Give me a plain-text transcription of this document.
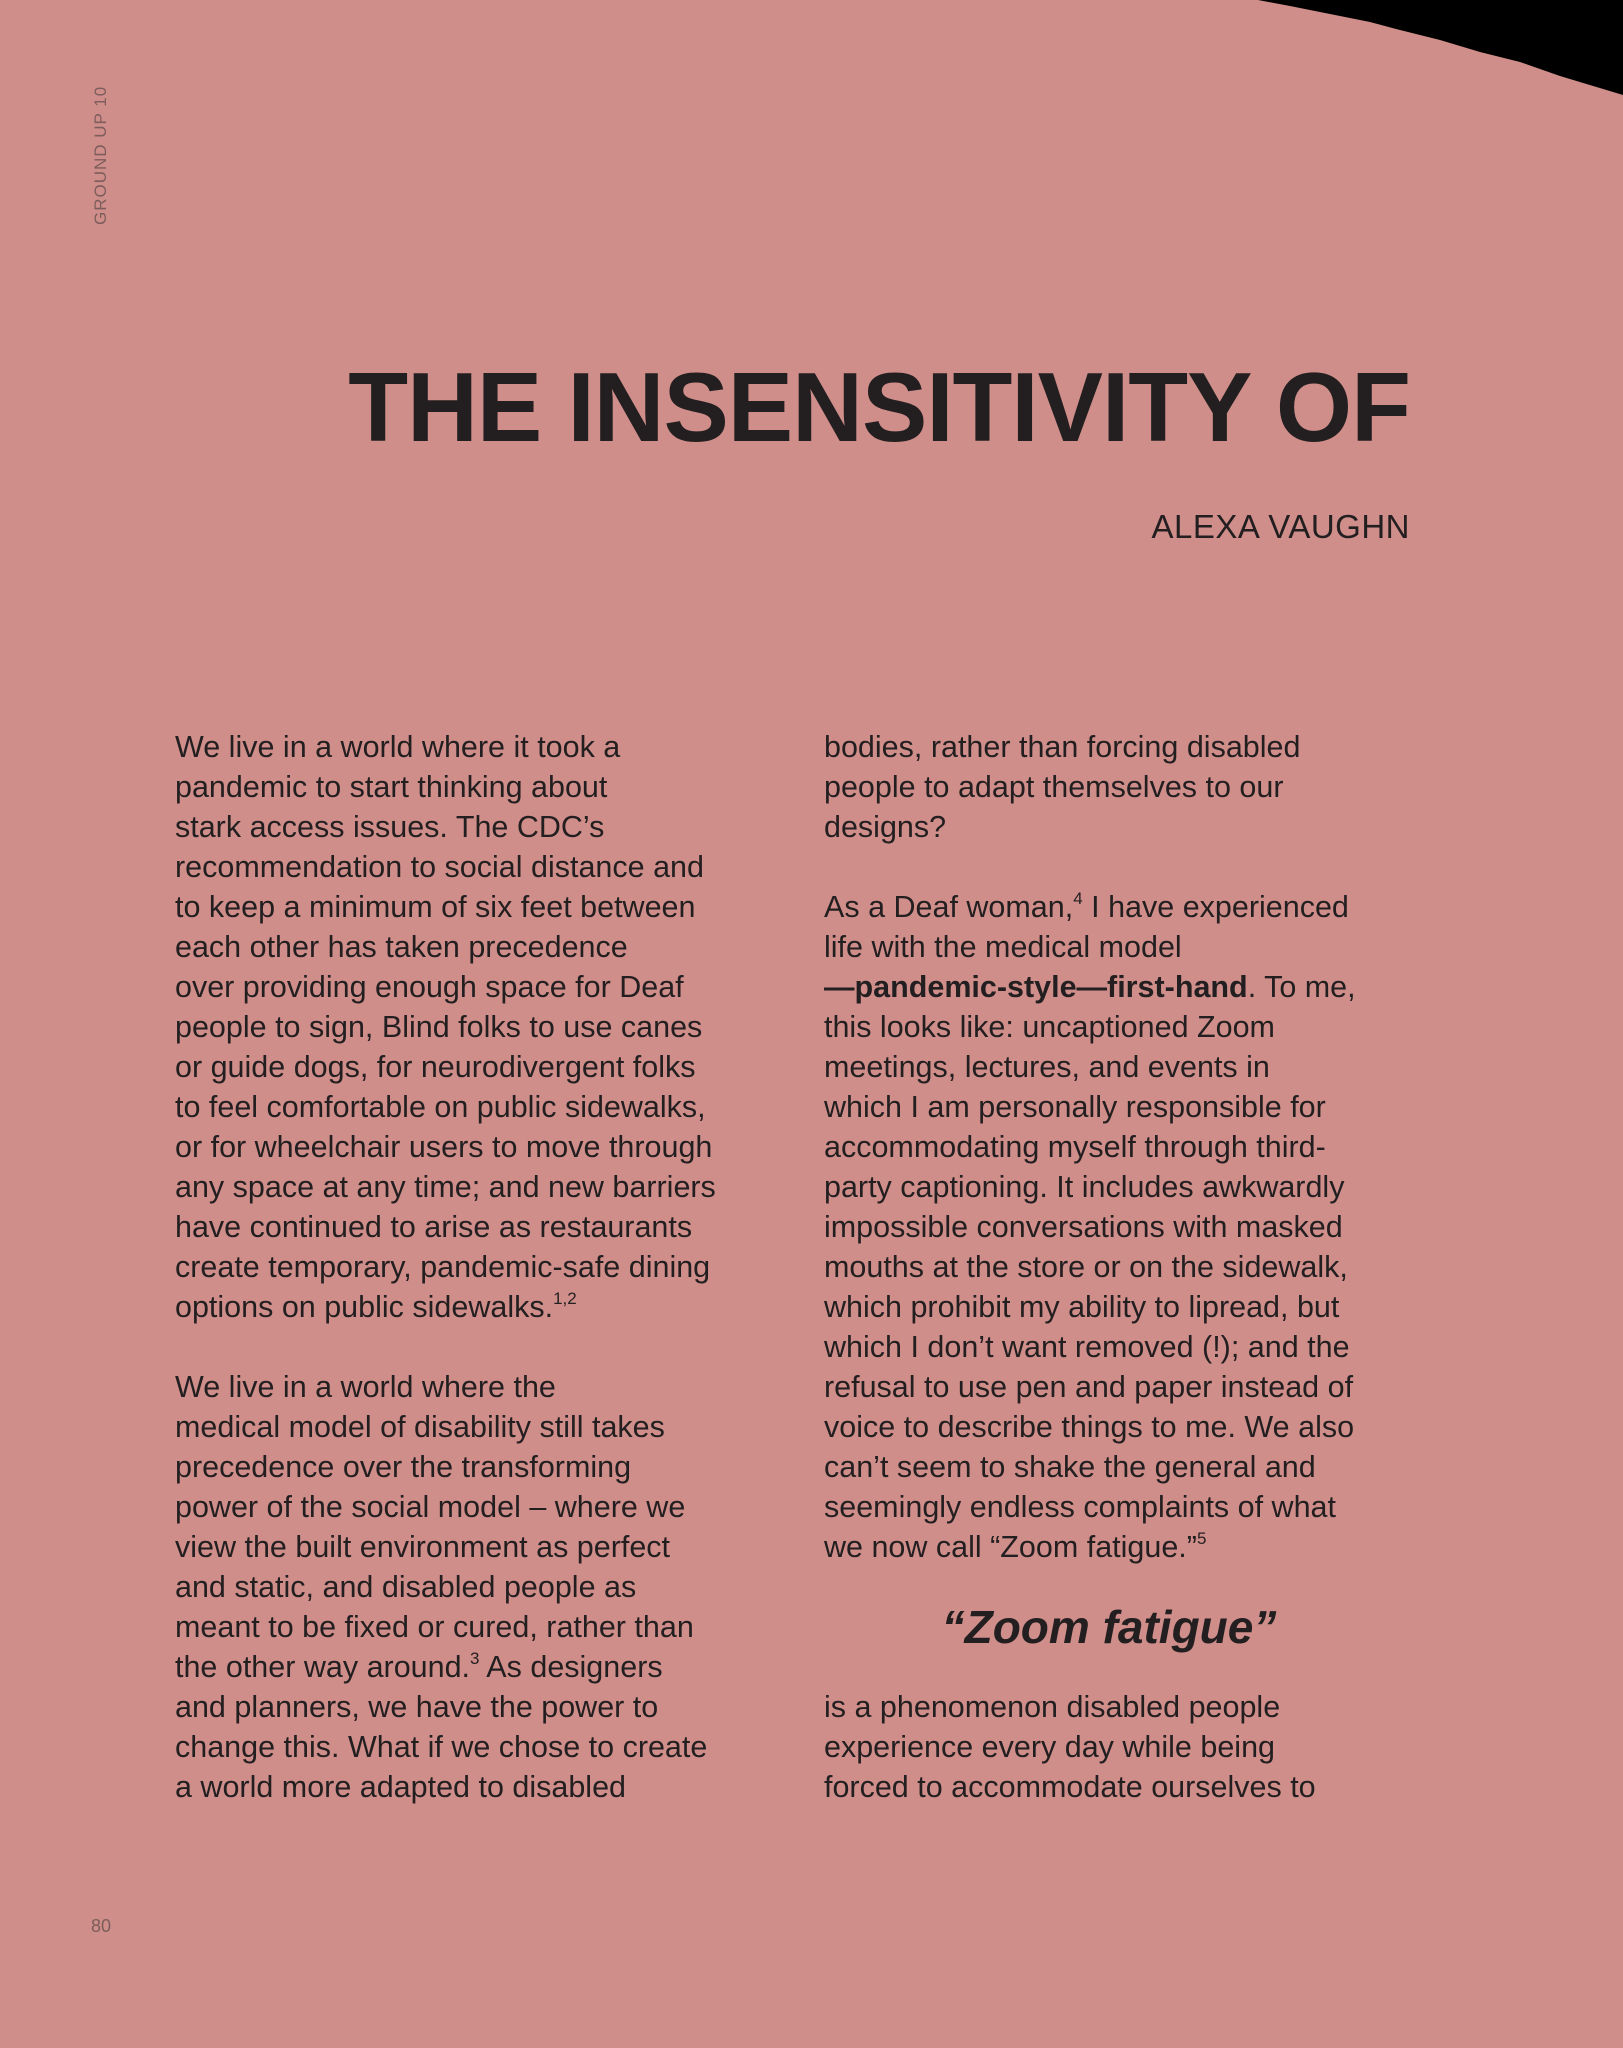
GROUND UP 10
THE INSENSITIVITY OF
ALEXA VAUGHN
We live in a world where it took a
pandemic to start thinking about
stark access issues. The CDC’s
recommendation to social distance and
to keep a minimum of six feet between
each other has taken precedence
over providing enough space for Deaf
people to sign, Blind folks to use canes
or guide dogs, for neurodivergent folks
to feel comfortable on public sidewalks,
or for wheelchair users to move through
any space at any time; and new barriers
have continued to arise as restaurants
create temporary, pandemic-safe dining
options on public sidewalks.$^{1,2}$
We live in a world where the
medical model of disability still takes
precedence over the transforming
power of the social model – where we
view the built environment as perfect
and static, and disabled people as
meant to be fixed or cured, rather than
the other way around.$^3$ As designers
and planners, we have the power to
change this. What if we chose to create
a world more adapted to disabled
bodies, rather than forcing disabled
people to adapt themselves to our
designs?
As a Deaf woman,$^4$ I have experienced
life with the medical model
—pandemic-style—first-hand. To me,
this looks like: uncaptioned Zoom
meetings, lectures, and events in
which I am personally responsible for
accommodating myself through third-
party captioning. It includes awkwardly
impossible conversations with masked
mouths at the store or on the sidewalk,
which prohibit my ability to lipread, but
which I don’t want removed (!); and the
refusal to use pen and paper instead of
voice to describe things to me. We also
can’t seem to shake the general and
seemingly endless complaints of what
we now call “Zoom fatigue.”$^5$
“Zoom fatigue”
is a phenomenon disabled people
experience every day while being
forced to accommodate ourselves to
80
